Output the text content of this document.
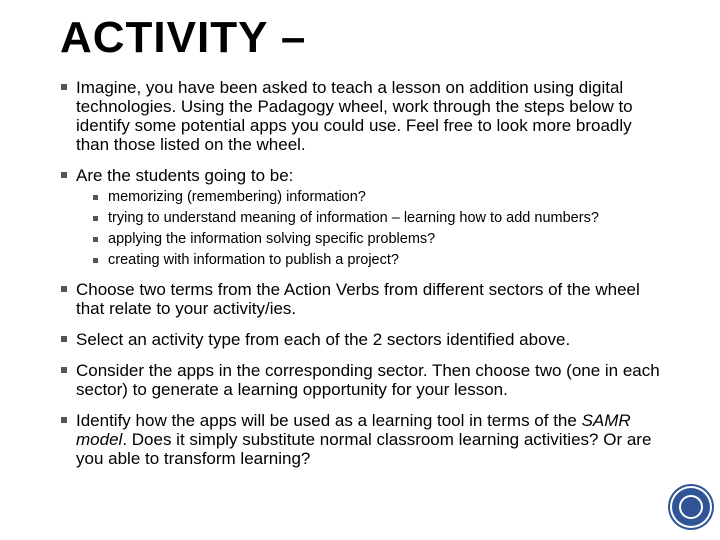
ACTIVITY –
Imagine, you have been asked to teach a lesson on addition using digital technologies. Using the Padagogy wheel, work through the steps below to identify some potential apps you could use. Feel free to look more broadly than those listed on the wheel.
Are the students going to be:
memorizing (remembering) information?
trying to understand meaning of information – learning how to add numbers?
applying the information solving specific problems?
creating with information to publish a project?
Choose two terms from the Action Verbs from different sectors of the wheel that relate to your activity/ies.
Select an activity type from each of the 2 sectors identified above.
Consider the apps in the corresponding sector. Then choose two (one in each sector) to generate a learning opportunity for your lesson.
Identify how the apps will be used as a learning tool in terms of the SAMR model. Does it simply substitute normal classroom learning activities? Or are you able to transform learning?
